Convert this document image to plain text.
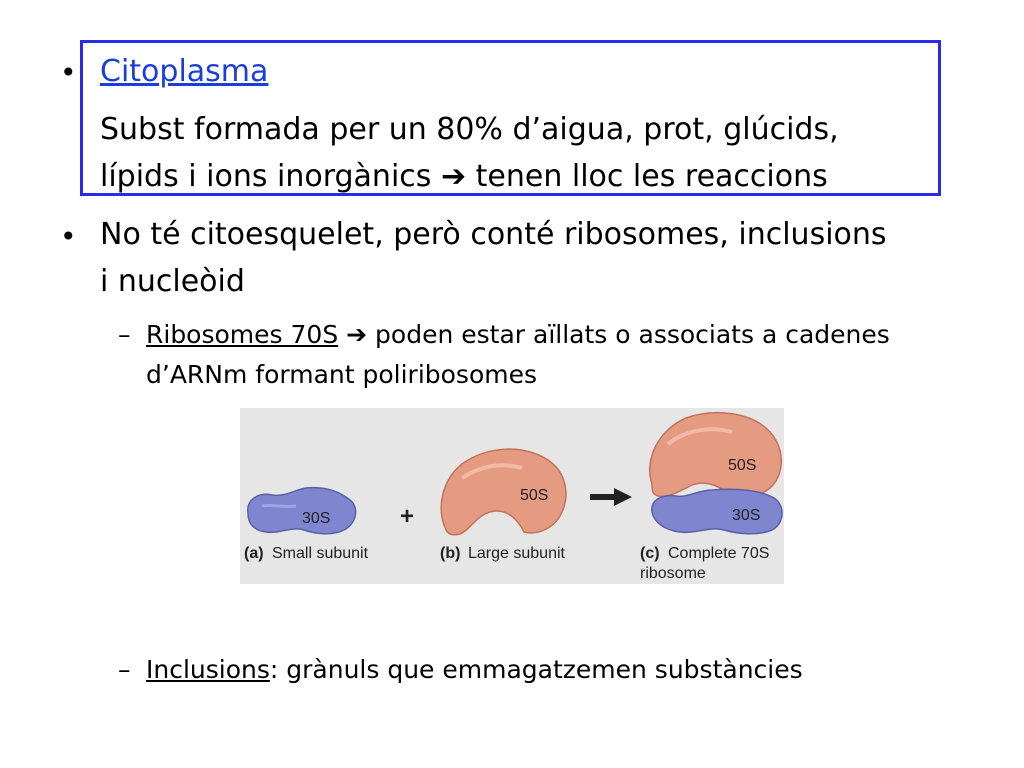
• Citoplasma
Subst formada per un 80% d’aigua, prot, glúcids,
lípids i ions inorgànics ➔ tenen lloc les reaccions
• No té citoesquelet, però conté ribosomes, inclusions
i nucleòid
– Ribosomes 70S ➔ poden estar aïllats o associats a cadenes
d’ARNm formant poliribosomes
30S
(a) Small subunit
+
50S
(b) Large subunit
50S
30S
(c) Complete 70S
ribosome
– Inclusions: grànuls que emmagatzemen substàncies
